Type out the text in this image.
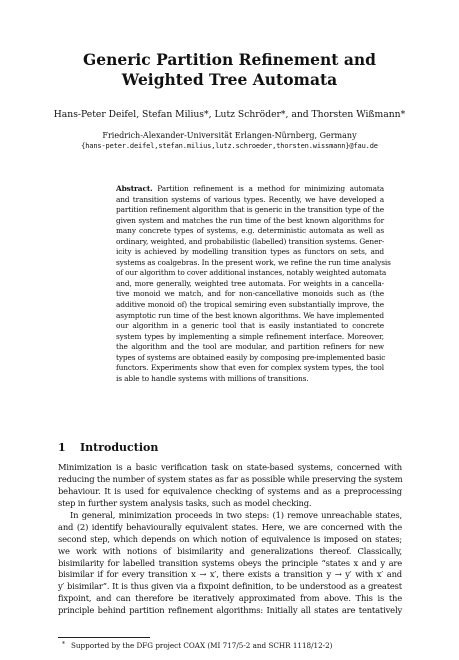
Generic Partition Refinement and
Weighted Tree Automata
Hans-Peter Deifel, Stefan Milius*, Lutz Schröder*, and Thorsten Wißmann*
Friedrich-Alexander-Universität Erlangen-Nürnberg, Germany
{hans-peter.deifel,stefan.milius,lutz.schroeder,thorsten.wissmann}@fau.de
Abstract. Partition refinement is a method for minimizing automata
and transition systems of various types. Recently, we have developed a
partition refinement algorithm that is generic in the transition type of the
given system and matches the run time of the best known algorithms for
many concrete types of systems, e.g. deterministic automata as well as
ordinary, weighted, and probabilistic (labelled) transition systems. Gener-
icity is achieved by modelling transition types as functors on sets, and
systems as coalgebras. In the present work, we refine the run time analysis
of our algorithm to cover additional instances, notably weighted automata
and, more generally, weighted tree automata. For weights in a cancella-
tive monoid we match, and for non-cancellative monoids such as (the
additive monoid of) the tropical semiring even substantially improve, the
asymptotic run time of the best known algorithms. We have implemented
our algorithm in a generic tool that is easily instantiated to concrete
system types by implementing a simple refinement interface. Moreover,
the algorithm and the tool are modular, and partition refiners for new
types of systems are obtained easily by composing pre-implemented basic
functors. Experiments show that even for complex system types, the tool
is able to handle systems with millions of transitions.
1 Introduction
Minimization is a basic verification task on state-based systems, concerned with
reducing the number of system states as far as possible while preserving the system
behaviour. It is used for equivalence checking of systems and as a preprocessing
step in further system analysis tasks, such as model checking.
In general, minimization proceeds in two steps: (1) remove unreachable states,
and (2) identify behaviourally equivalent states. Here, we are concerned with the
second step, which depends on which notion of equivalence is imposed on states;
we work with notions of bisimilarity and generalizations thereof. Classically,
bisimilarity for labelled transition systems obeys the principle “states x and y are
bisimilar if for every transition x → x′, there exists a transition y → y′ with x′ and
y′ bisimilar”. It is thus given via a fixpoint definition, to be understood as a greatest
fixpoint, and can therefore be iteratively approximated from above. This is the
principle behind partition refinement algorithms: Initially all states are tentatively
* Supported by the DFG project COAX (MI 717/5-2 and SCHR 1118/12-2)
